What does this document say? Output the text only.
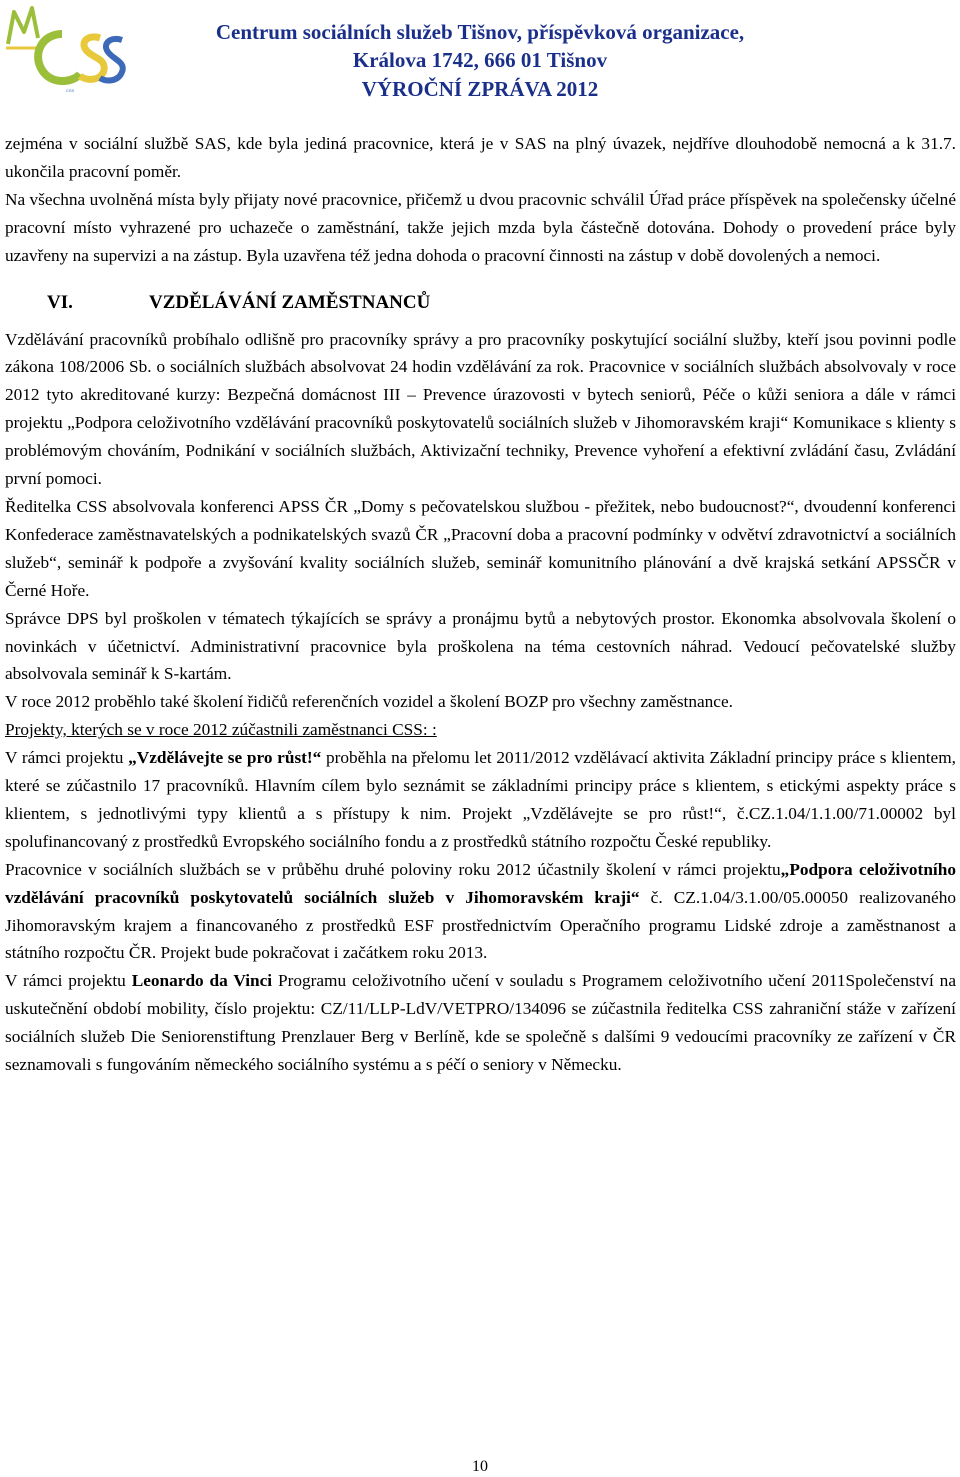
CSS
Centrum sociálních služeb Tišnov, příspěvková organizace,
Králova 1742, 666 01 Tišnov
VÝROČNÍ ZPRÁVA 2012

zejména v sociální službě SAS, kde byla jediná pracovnice, která je v SAS na plný úvazek, nejdříve dlouhodobě nemocná a k 31.7. ukončila pracovní poměr.

Na všechna uvolněná místa byly přijaty nové pracovnice, přičemž u dvou pracovnic schválil Úřad práce příspěvek na společensky účelné pracovní místo vyhrazené pro uchazeče o zaměstnání, takže jejich mzda byla částečně dotována. Dohody o provedení práce byly uzavřeny na supervizi a na zástup. Byla uzavřena též jedna dohoda o pracovní činnosti na zástup v době dovolených a nemoci.

VI.	VZDĚLÁVÁNÍ ZAMĚSTNANCŮ

Vzdělávání pracovníků probíhalo odlišně pro pracovníky správy a pro pracovníky poskytující sociální služby, kteří jsou povinni podle zákona 108/2006 Sb. o sociálních službách absolvovat 24 hodin vzdělávání za rok. Pracovnice v sociálních službách absolvovaly v roce 2012 tyto akreditované kurzy: Bezpečná domácnost III – Prevence úrazovosti v bytech seniorů, Péče o kůži seniora a dále v rámci projektu „Podpora celoživotního vzdělávání pracovníků poskytovatelů sociálních služeb v Jihomoravském kraji“ Komunikace s klienty s problémovým chováním, Podnikání v sociálních službách, Aktivizační techniky, Prevence vyhoření a efektivní zvládání času, Zvládání první pomoci.

Ředitelka CSS absolvovala konferenci APSS ČR „Domy s pečovatelskou službou - přežitek, nebo budoucnost?“, dvoudenní konferenci Konfederace zaměstnavatelských a podnikatelských svazů ČR „Pracovní doba a pracovní podmínky v odvětví zdravotnictví a sociálních služeb“, seminář k podpoře a zvyšování kvality sociálních služeb, seminář komunitního plánování a dvě krajská setkání APSSČR v Černé Hoře.

Správce DPS byl proškolen v tématech týkajících se správy a pronájmu bytů a nebytových prostor. Ekonomka absolvovala školení o novinkách v účetnictví. Administrativní pracovnice byla proškolena na téma cestovních náhrad. Vedoucí pečovatelské služby absolvovala seminář k S-kartám.

V roce 2012 proběhlo také školení řidičů referenčních vozidel a školení BOZP pro všechny zaměstnance.

Projekty, kterých se v roce 2012 zúčastnili zaměstnanci CSS: :

V rámci projektu „Vzdělávejte se pro růst!“ proběhla na přelomu let 2011/2012 vzdělávací aktivita Základní principy práce s klientem, které se zúčastnilo 17 pracovníků. Hlavním cílem bylo seznámit se základními principy práce s klientem, s etickými aspekty práce s klientem, s jednotlivými typy klientů a s přístupy k nim. Projekt „Vzdělávejte se pro růst!“, č.CZ.1.04/1.1.00/71.00002 byl spolufinancovaný z prostředků Evropského sociálního fondu a z prostředků státního rozpočtu České republiky.

Pracovnice v sociálních službách se v průběhu druhé poloviny roku 2012 účastnily školení v rámci projektu„Podpora celoživotního vzdělávání pracovníků poskytovatelů sociálních služeb v Jihomoravském kraji“ č. CZ.1.04/3.1.00/05.00050 realizovaného Jihomoravským krajem a financovaného z prostředků ESF prostřednictvím Operačního programu Lidské zdroje a zaměstnanost a státního rozpočtu ČR. Projekt bude pokračovat i začátkem roku 2013.

V rámci projektu Leonardo da Vinci Programu celoživotního učení v souladu s Programem celoživotního učení 2011Společenství na uskutečnění období mobility, číslo projektu: CZ/11/LLP-LdV/VETPRO/134096 se zúčastnila ředitelka CSS zahraniční stáže v zařízení sociálních služeb Die Seniorenstiftung Prenzlauer Berg v Berlíně, kde se společně s dalšími 9 vedoucími pracovníky ze zařízení v ČR seznamovali s fungováním německého sociálního systému a s péčí o seniory v Německu.

10
